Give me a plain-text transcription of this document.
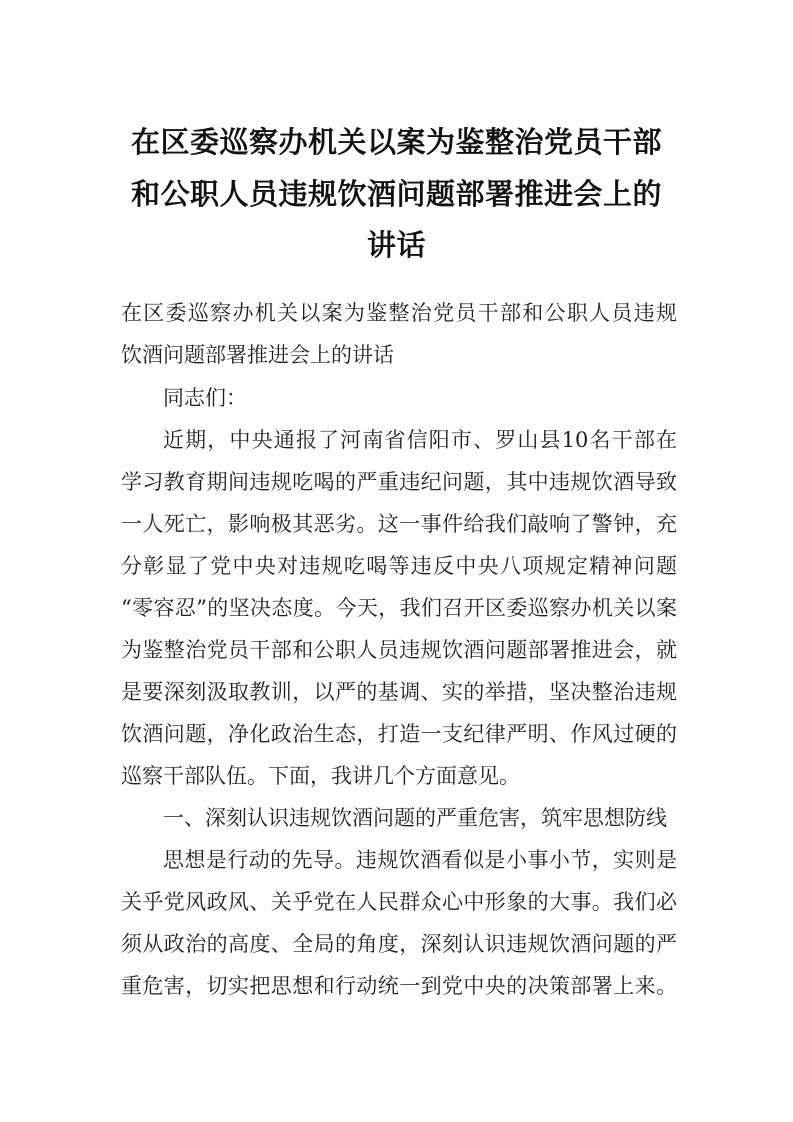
在区委巡察办机关以案为鉴整治党员干部
和公职人员违规饮酒问题部署推进会上的
讲话
在区委巡察办机关以案为鉴整治党员干部和公职人员违规
饮酒问题部署推进会上的讲话
同志们：
近期，中央通报了河南省信阳市、罗山县10名干部在
学习教育期间违规吃喝的严重违纪问题，其中违规饮酒导致
一人死亡，影响极其恶劣。这一事件给我们敲响了警钟，充
分彰显了党中央对违规吃喝等违反中央八项规定精神问题
“零容忍”的坚决态度。今天，我们召开区委巡察办机关以案
为鉴整治党员干部和公职人员违规饮酒问题部署推进会，就
是要深刻汲取教训，以严的基调、实的举措，坚决整治违规
饮酒问题，净化政治生态，打造一支纪律严明、作风过硬的
巡察干部队伍。下面，我讲几个方面意见。
一、深刻认识违规饮酒问题的严重危害，筑牢思想防线
思想是行动的先导。违规饮酒看似是小事小节，实则是
关乎党风政风、关乎党在人民群众心中形象的大事。我们必
须从政治的高度、全局的角度，深刻认识违规饮酒问题的严
重危害，切实把思想和行动统一到党中央的决策部署上来。
